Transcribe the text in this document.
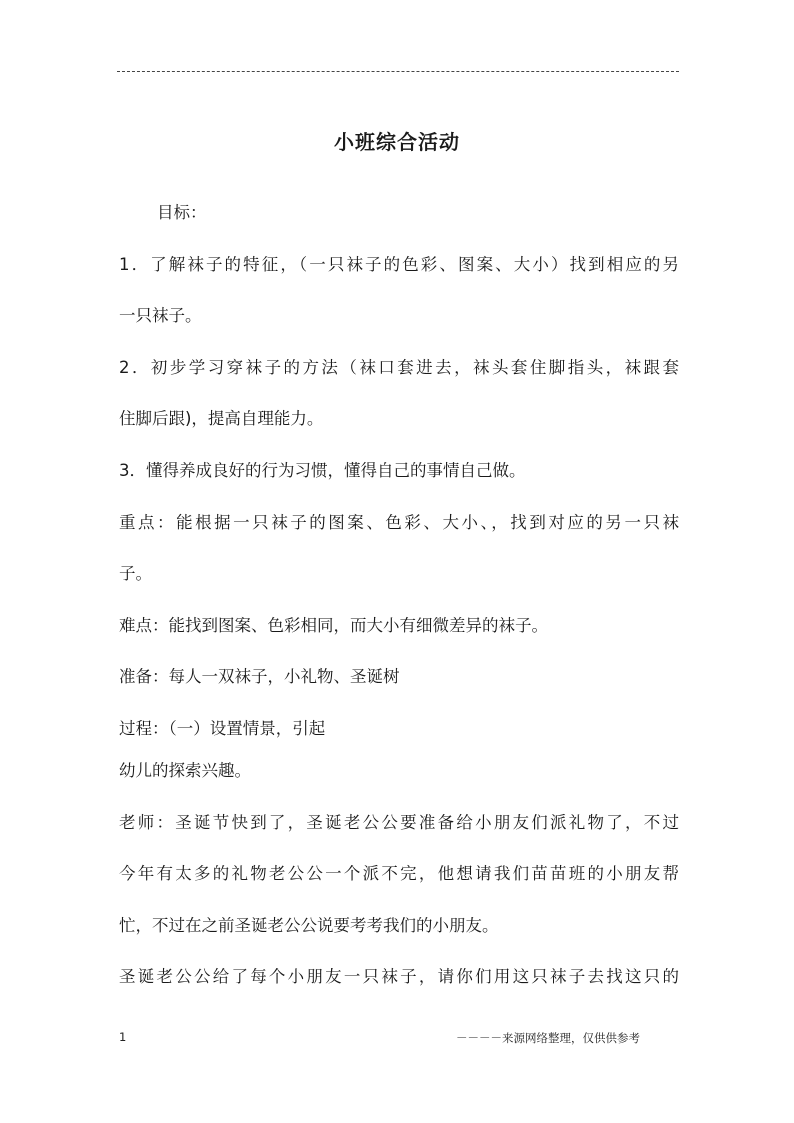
小班综合活动
目标：
1．了解袜子的特征，（一只袜子的色彩、图案、大小）找到相应的另
一只袜子。
2．初步学习穿袜子的方法（袜口套进去，袜头套住脚指头，袜跟套
住脚后跟)，提高自理能力。
3．懂得养成良好的行为习惯，懂得自己的事情自己做。
重点：能根据一只袜子的图案、色彩、大小、，找到对应的另一只袜
子。
难点：能找到图案、色彩相同，而大小有细微差异的袜子。
准备：每人一双袜子，小礼物、圣诞树
过程：（一）设置情景，引起
幼儿的探索兴趣。
老师：圣诞节快到了，圣诞老公公要准备给小朋友们派礼物了，不过
今年有太多的礼物老公公一个派不完，他想请我们苗苗班的小朋友帮
忙，不过在之前圣诞老公公说要考考我们的小朋友。
圣诞老公公给了每个小朋友一只袜子，请你们用这只袜子去找这只的
1	－－－－来源网络整理，仅供供参考
